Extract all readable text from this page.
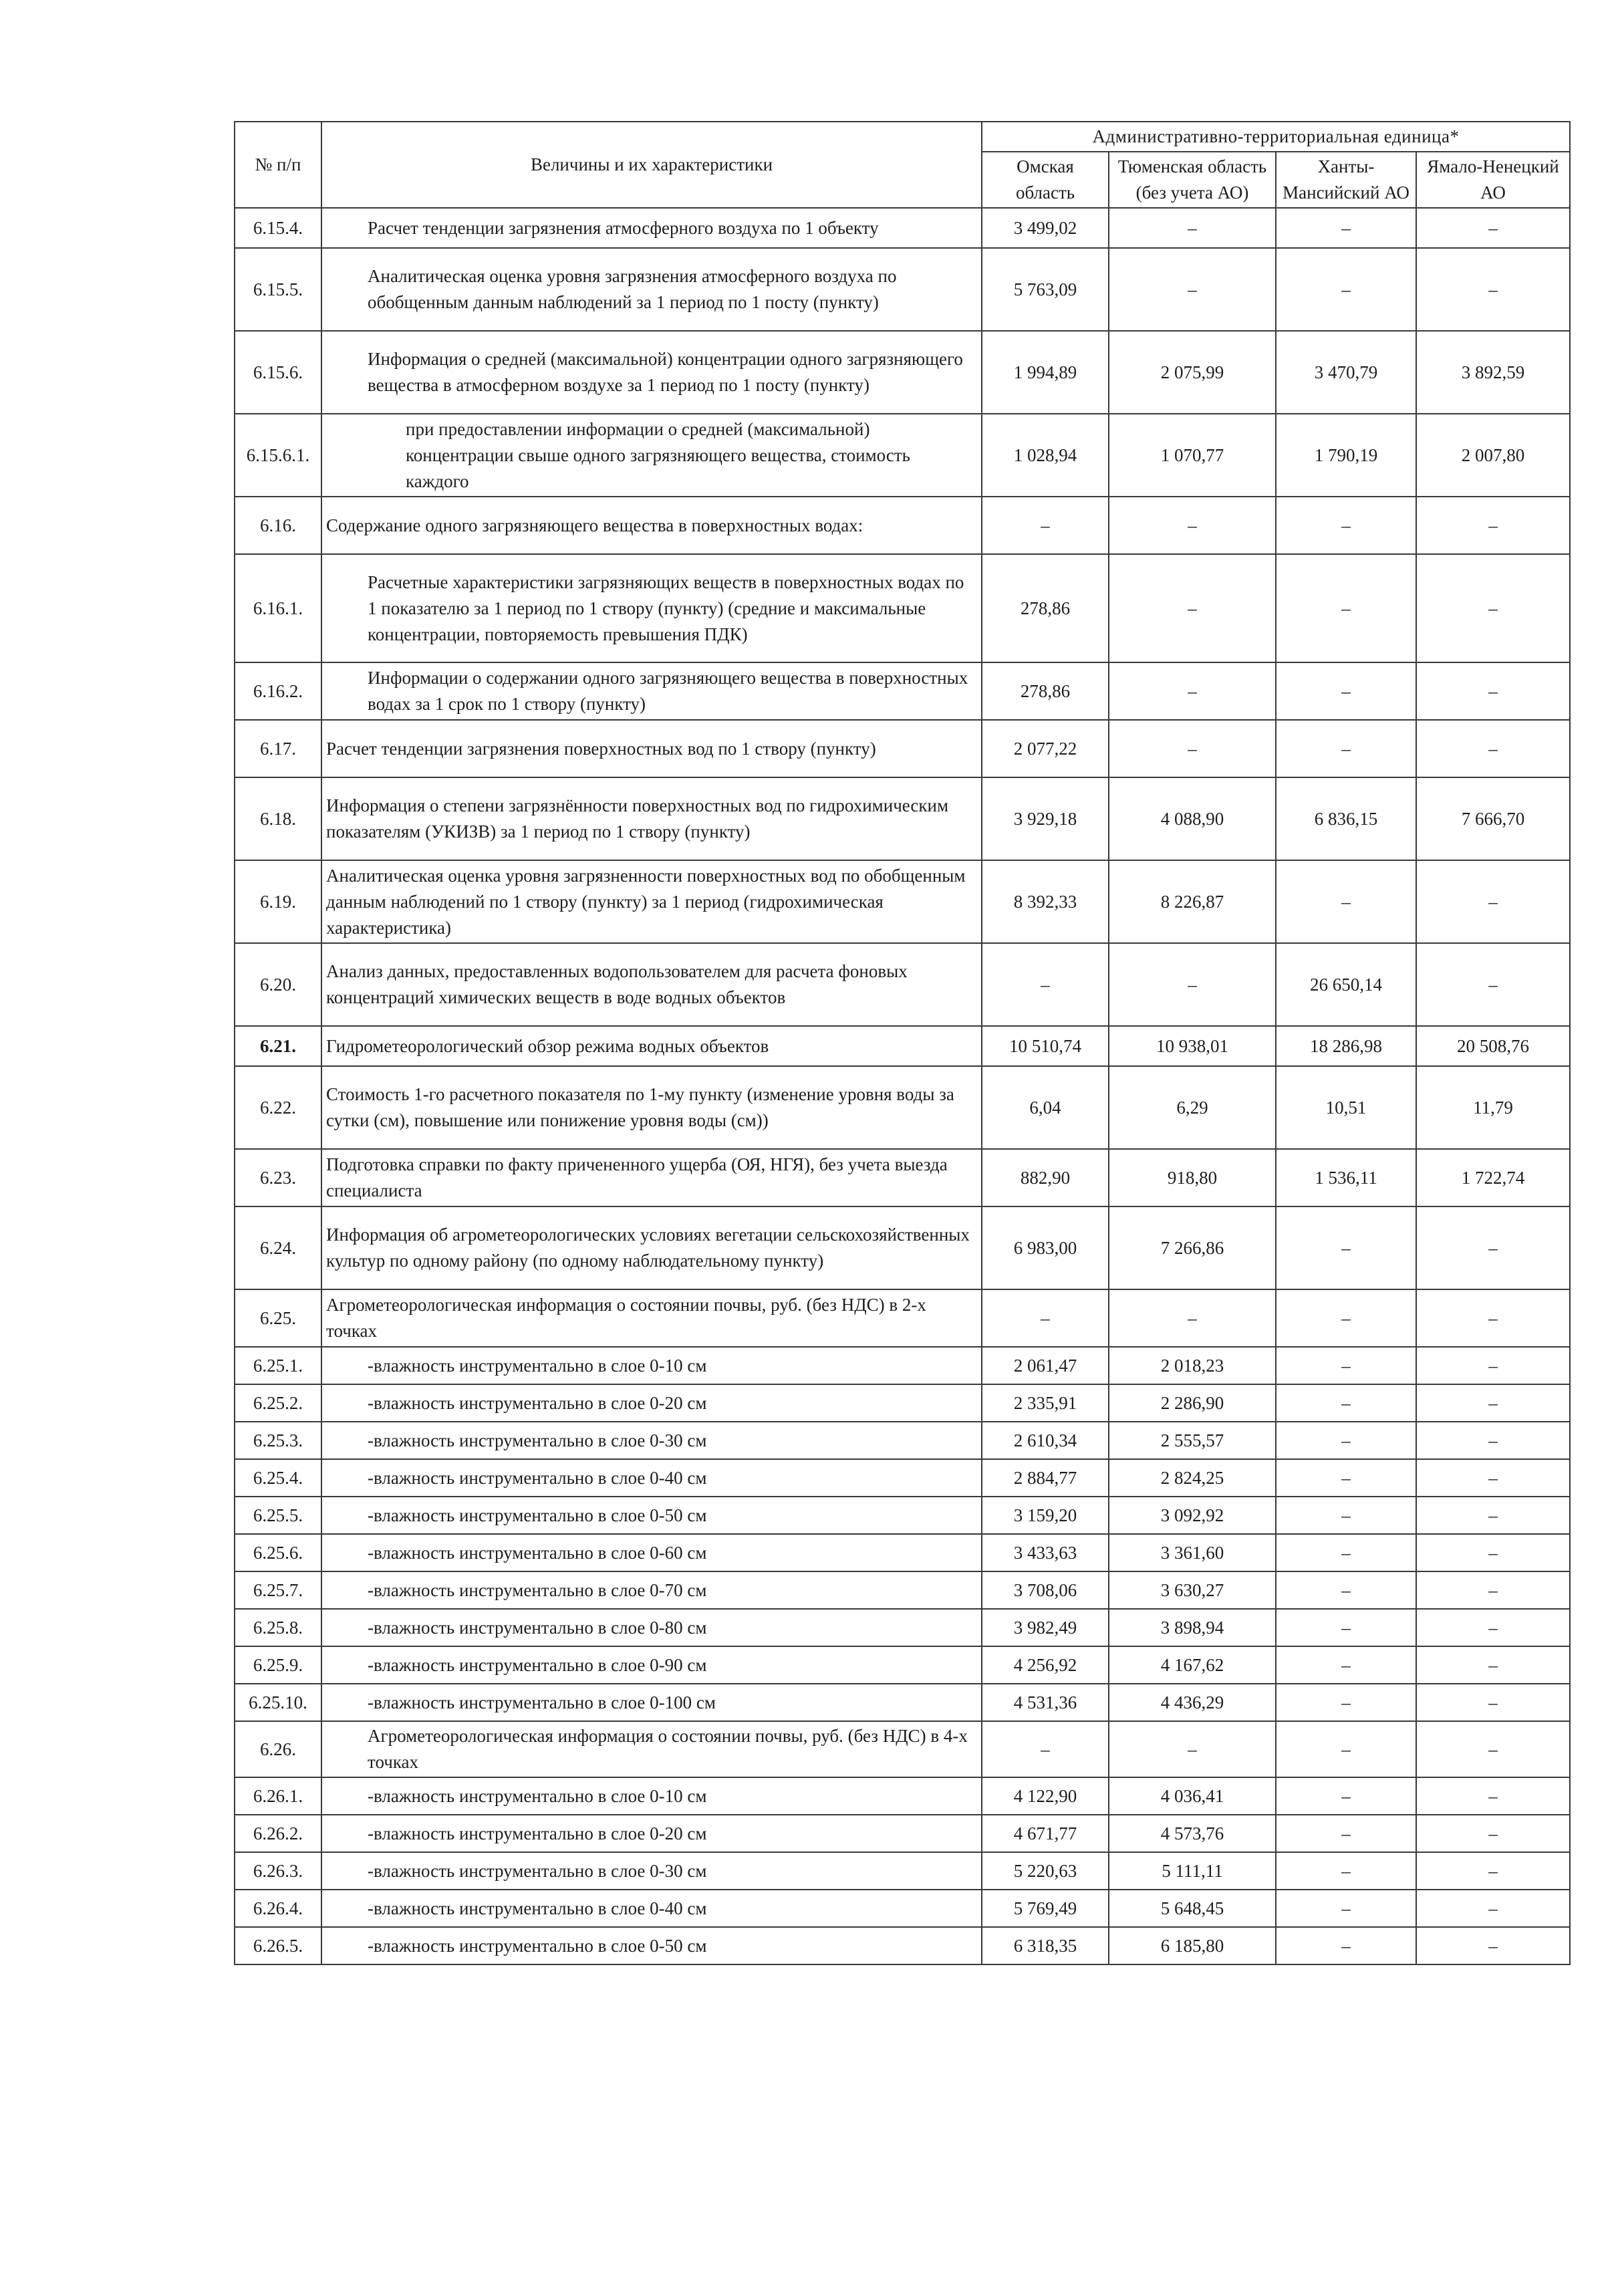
№ п/п	Величины и их характеристики	Административно-территориальная единица*			
		Омская область	Тюменская область (без учета АО)	Ханты-Мансийский АО	Ямало-Ненецкий АО
6.15.4.	Расчет тенденции загрязнения атмосферного воздуха по 1 объекту	3 499,02	–	–	–
6.15.5.	Аналитическая оценка уровня загрязнения атмосферного воздуха по обобщенным данным наблюдений за 1 период по 1 посту (пункту)	5 763,09	–	–	–
6.15.6.	Информация о средней (максимальной) концентрации одного загрязняющего вещества в атмосферном воздухе за 1 период по 1 посту (пункту)	1 994,89	2 075,99	3 470,79	3 892,59
6.15.6.1.	при предоставлении информации о средней (максимальной) концентрации свыше одного загрязняющего вещества, стоимость каждого	1 028,94	1 070,77	1 790,19	2 007,80
6.16.	Содержание одного загрязняющего вещества в поверхностных водах:	–	–	–	–
6.16.1.	Расчетные характеристики загрязняющих веществ в поверхностных водах по 1 показателю за 1 период по 1 створу (пункту) (средние и максимальные концентрации, повторяемость превышения ПДК)	278,86	–	–	–
6.16.2.	Информации о содержании одного загрязняющего вещества в поверхностных водах за 1 срок по 1 створу (пункту)	278,86	–	–	–
6.17.	Расчет тенденции загрязнения поверхностных вод по 1 створу (пункту)	2 077,22	–	–	–
6.18.	Информация о степени загрязнённости поверхностных вод по гидрохимическим показателям (УКИЗВ) за 1 период по 1 створу (пункту)	3 929,18	4 088,90	6 836,15	7 666,70
6.19.	Аналитическая оценка уровня загрязненности поверхностных вод по обобщенным данным наблюдений по 1 створу (пункту) за 1 период (гидрохимическая характеристика)	8 392,33	8 226,87	–	–
6.20.	Анализ данных, предоставленных водопользователем для расчета фоновых концентраций химических веществ в воде водных объектов	–	–	26 650,14	–
6.21.	Гидрометеорологический обзор режима водных объектов	10 510,74	10 938,01	18 286,98	20 508,76
6.22.	Стоимость 1-го расчетного показателя по 1-му пункту (изменение уровня воды за сутки (см), повышение или понижение уровня воды (см))	6,04	6,29	10,51	11,79
6.23.	Подготовка справки по факту причененного ущерба (ОЯ, НГЯ), без учета выезда специалиста	882,90	918,80	1 536,11	1 722,74
6.24.	Информация об агрометеорологических условиях вегетации сельскохозяйственных культур по одному району (по одному наблюдательному пункту)	6 983,00	7 266,86	–	–
6.25.	Агрометеорологическая информация о состоянии почвы, руб. (без НДС) в 2-х точках	–	–	–	–
6.25.1.	-влажность инструментально в слое 0-10 см	2 061,47	2 018,23	–	–
6.25.2.	-влажность инструментально в слое 0-20 см	2 335,91	2 286,90	–	–
6.25.3.	-влажность инструментально в слое 0-30 см	2 610,34	2 555,57	–	–
6.25.4.	-влажность инструментально в слое 0-40 см	2 884,77	2 824,25	–	–
6.25.5.	-влажность инструментально в слое 0-50 см	3 159,20	3 092,92	–	–
6.25.6.	-влажность инструментально в слое 0-60 см	3 433,63	3 361,60	–	–
6.25.7.	-влажность инструментально в слое 0-70 см	3 708,06	3 630,27	–	–
6.25.8.	-влажность инструментально в слое 0-80 см	3 982,49	3 898,94	–	–
6.25.9.	-влажность инструментально в слое 0-90 см	4 256,92	4 167,62	–	–
6.25.10.	-влажность инструментально в слое 0-100 см	4 531,36	4 436,29	–	–
6.26.	Агрометеорологическая информация о состоянии почвы, руб. (без НДС) в 4-х точках	–	–	–	–
6.26.1.	-влажность инструментально в слое 0-10 см	4 122,90	4 036,41	–	–
6.26.2.	-влажность инструментально в слое 0-20 см	4 671,77	4 573,76	–	–
6.26.3.	-влажность инструментально в слое 0-30 см	5 220,63	5 111,11	–	–
6.26.4.	-влажность инструментально в слое 0-40 см	5 769,49	5 648,45	–	–
6.26.5.	-влажность инструментально в слое 0-50 см	6 318,35	6 185,80	–	–
